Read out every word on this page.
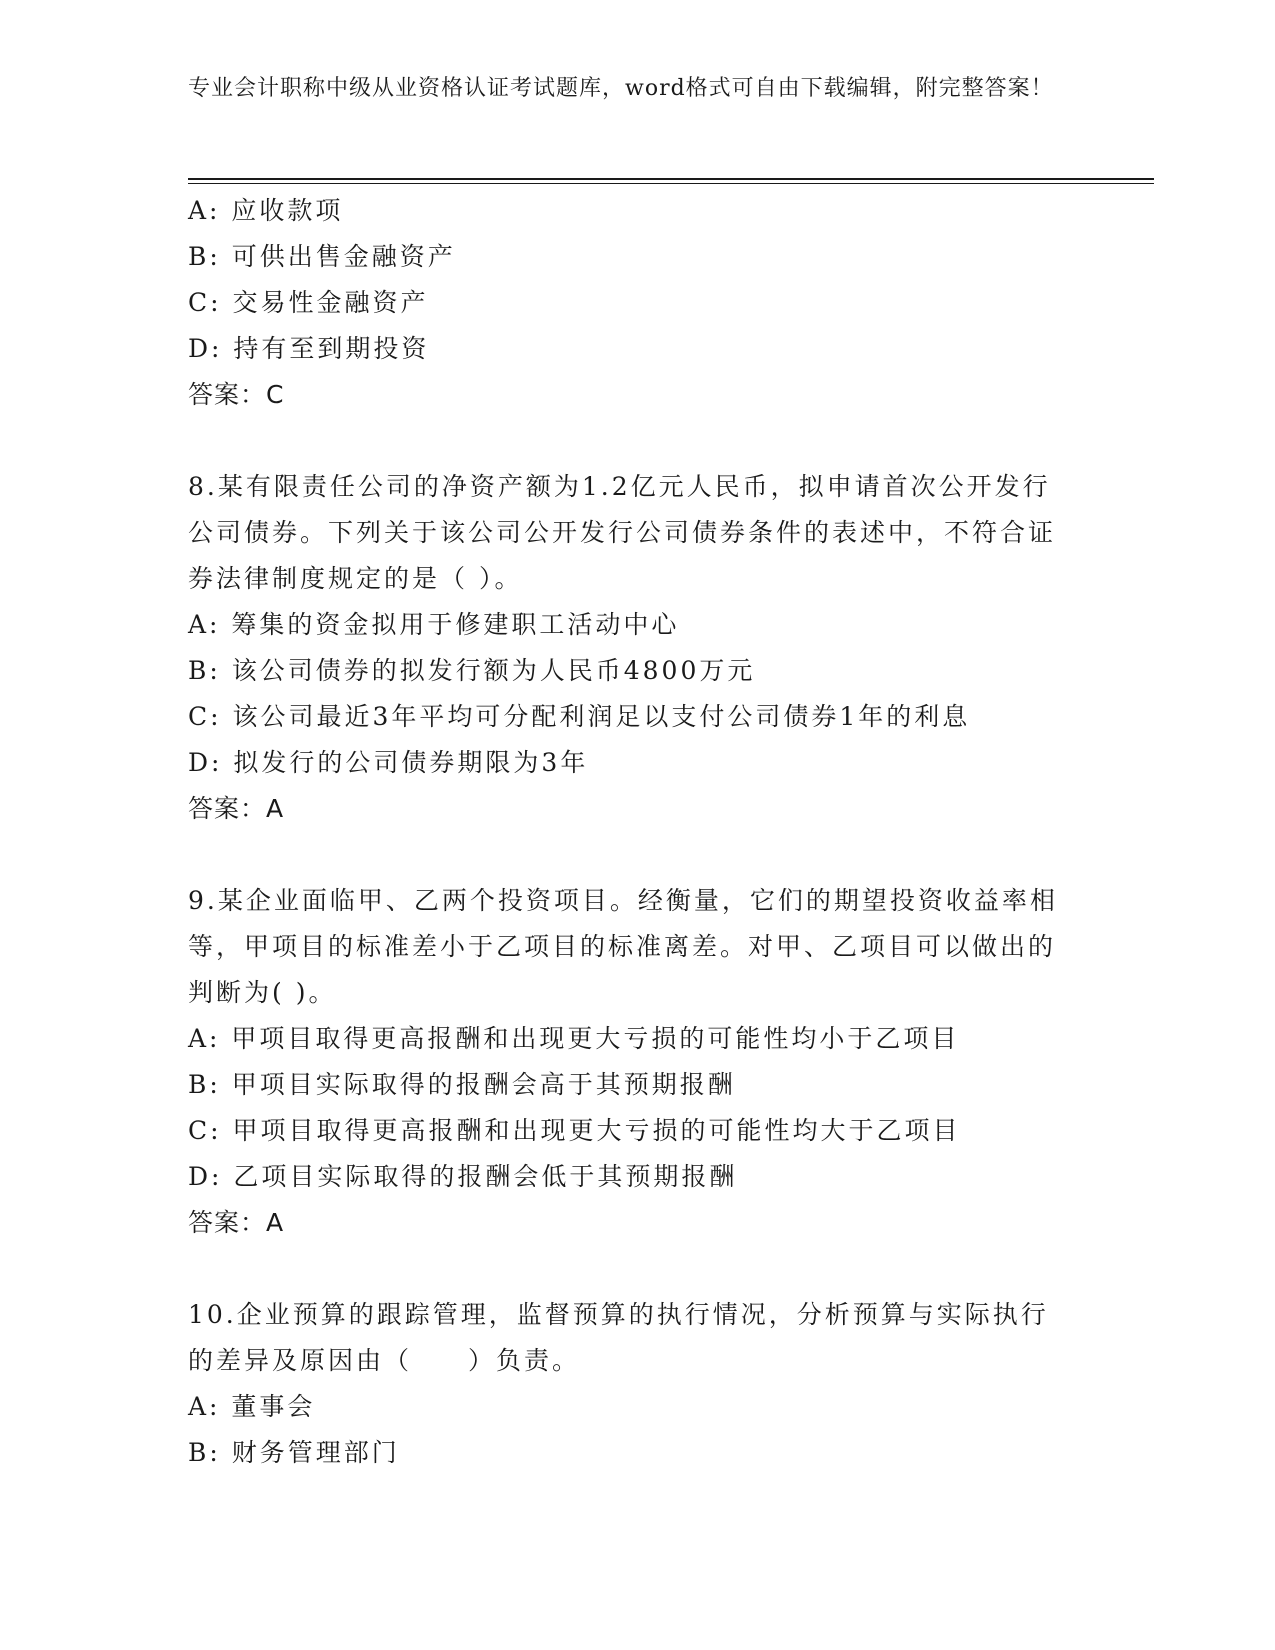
专业会计职称中级从业资格认证考试题库，word格式可自由下载编辑，附完整答案！
A: 应收款项
B: 可供出售金融资产
C: 交易性金融资产
D: 持有至到期投资
答案：C
8.某有限责任公司的净资产额为1.2亿元人民币，拟申请首次公开发行公司债券。下列关于该公司公开发行公司债券条件的表述中，不符合证券法律制度规定的是（ ）。
A: 筹集的资金拟用于修建职工活动中心
B: 该公司债券的拟发行额为人民币4800万元
C: 该公司最近3年平均可分配利润足以支付公司债券1年的利息
D: 拟发行的公司债券期限为3年
答案：A
9.某企业面临甲、乙两个投资项目。经衡量，它们的期望投资收益率相等，甲项目的标准差小于乙项目的标准离差。对甲、乙项目可以做出的判断为( )。
A: 甲项目取得更高报酬和出现更大亏损的可能性均小于乙项目
B: 甲项目实际取得的报酬会高于其预期报酬
C: 甲项目取得更高报酬和出现更大亏损的可能性均大于乙项目
D: 乙项目实际取得的报酬会低于其预期报酬
答案：A
10.企业预算的跟踪管理，监督预算的执行情况，分析预算与实际执行的差异及原因由（　　）负责。
A: 董事会
B: 财务管理部门
